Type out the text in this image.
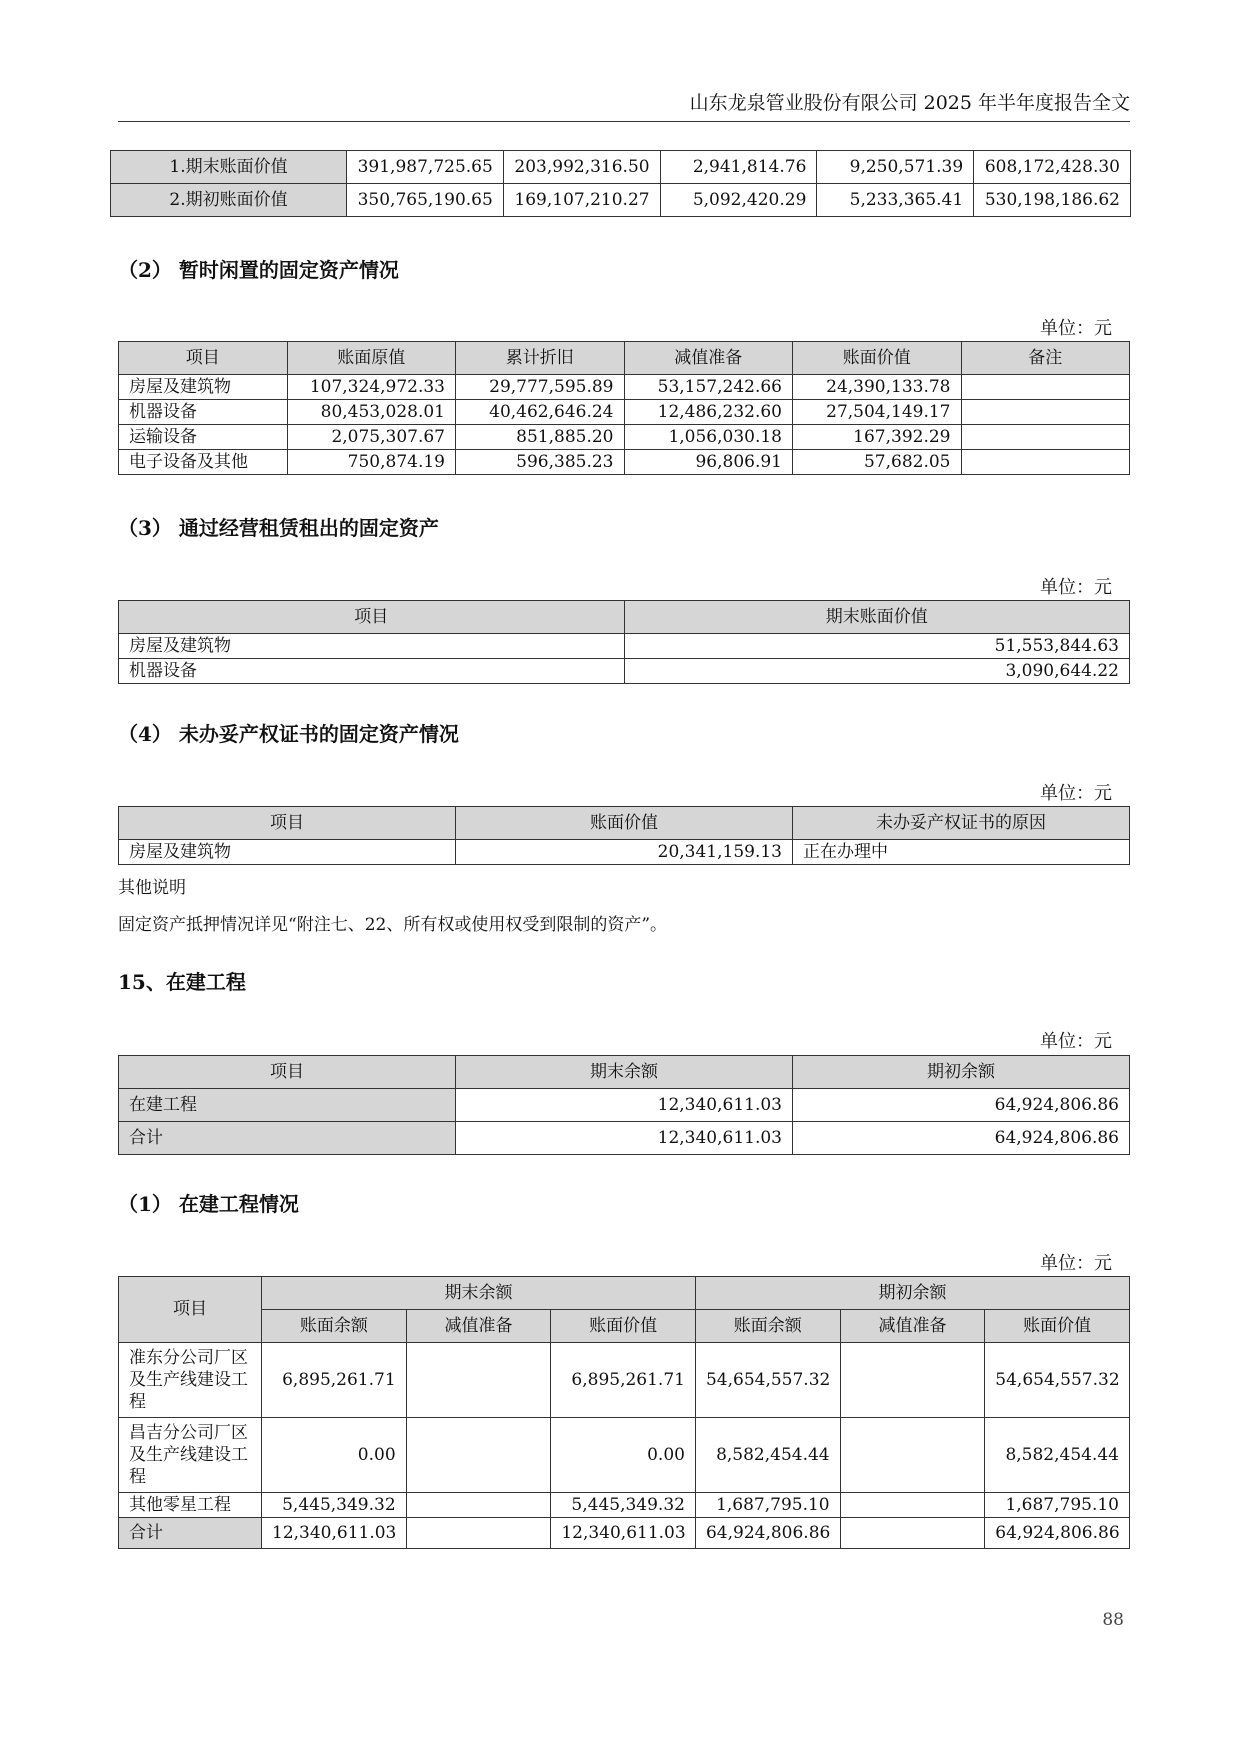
山东龙泉管业股份有限公司 2025 年半年度报告全文
1.期末账面价值	391,987,725.65	203,992,316.50	2,941,814.76	9,250,571.39	608,172,428.30
2.期初账面价值	350,765,190.65	169,107,210.27	5,092,420.29	5,233,365.41	530,198,186.62
（2） 暂时闲置的固定资产情况
单位：元
项目	账面原值	累计折旧	减值准备	账面价值	备注
房屋及建筑物	107,324,972.33	29,777,595.89	53,157,242.66	24,390,133.78	
机器设备	80,453,028.01	40,462,646.24	12,486,232.60	27,504,149.17	
运输设备	2,075,307.67	851,885.20	1,056,030.18	167,392.29	
电子设备及其他	750,874.19	596,385.23	96,806.91	57,682.05	
（3） 通过经营租赁租出的固定资产
单位：元
项目	期末账面价值
房屋及建筑物	51,553,844.63
机器设备	3,090,644.22
（4） 未办妥产权证书的固定资产情况
单位：元
项目	账面价值	未办妥产权证书的原因
房屋及建筑物	20,341,159.13	正在办理中
其他说明
固定资产抵押情况详见“附注七、22、所有权或使用权受到限制的资产”。
15、在建工程
单位：元
项目	期末余额	期初余额
在建工程	12,340,611.03	64,924,806.86
合计	12,340,611.03	64,924,806.86
（1） 在建工程情况
单位：元
项目	期末余额			期初余额		
	账面余额	减值准备	账面价值	账面余额	减值准备	账面价值
准东分公司厂区及生产线建设工程	6,895,261.71		6,895,261.71	54,654,557.32		54,654,557.32
昌吉分公司厂区及生产线建设工程	0.00		0.00	8,582,454.44		8,582,454.44
其他零星工程	5,445,349.32		5,445,349.32	1,687,795.10		1,687,795.10
合计	12,340,611.03		12,340,611.03	64,924,806.86		64,924,806.86
88
